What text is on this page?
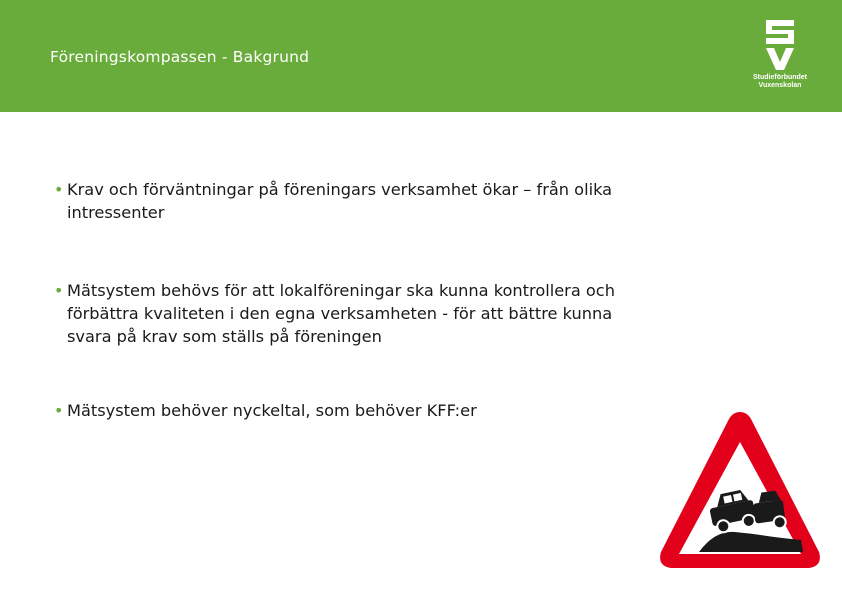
Föreningskompassen - Bakgrund
Studieförbundet
Vuxenskolan
• Krav och förväntningar på föreningars verksamhet ökar – från olika
intressenter
• Mätsystem behövs för att lokalföreningar ska kunna kontrollera och
förbättra kvaliteten i den egna verksamheten - för att bättre kunna
svara på krav som ställs på föreningen
• Mätsystem behöver nyckeltal, som behöver KFF:er
